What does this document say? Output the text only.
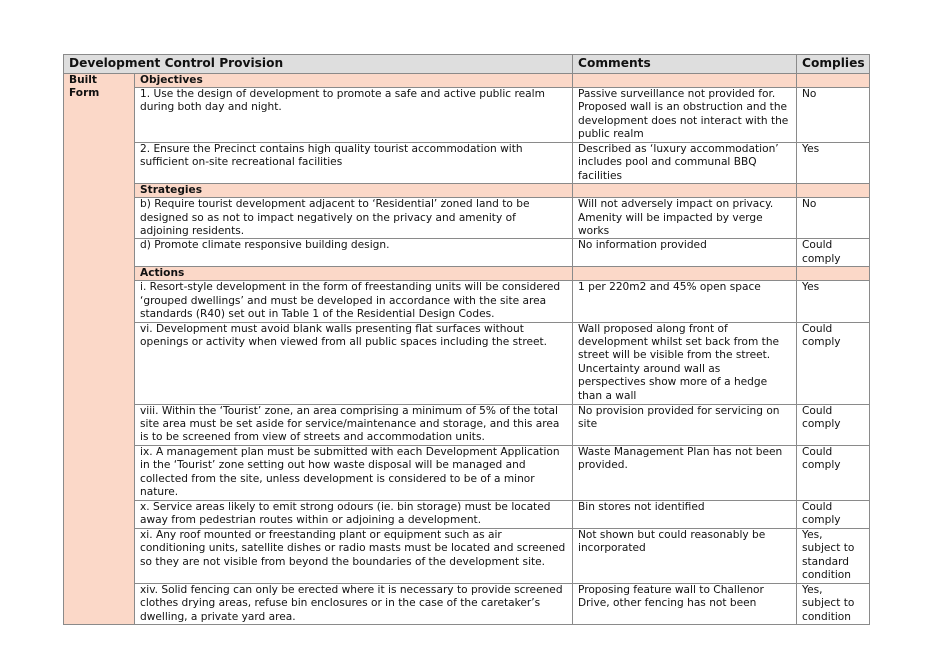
Development Control Provision		Comments	Complies
Built Form	Objectives		
	1. Use the design of development to promote a safe and active public realm during both day and night.	Passive surveillance not provided for. Proposed wall is an obstruction and the development does not interact with the public realm	No
	2. Ensure the Precinct contains high quality tourist accommodation with sufficient on-site recreational facilities	Described as ‘luxury accommodation’ includes pool and communal BBQ facilities	Yes
	Strategies		
	b) Require tourist development adjacent to ‘Residential’ zoned land to be designed so as not to impact negatively on the privacy and amenity of adjoining residents.	Will not adversely impact on privacy. Amenity will be impacted by verge works	No
	d) Promote climate responsive building design.	No information provided	Could comply
	Actions		
	i. Resort-style development in the form of freestanding units will be considered ‘grouped dwellings’ and must be developed in accordance with the site area standards (R40) set out in Table 1 of the Residential Design Codes.	1 per 220m2 and 45% open space	Yes
	vi. Development must avoid blank walls presenting flat surfaces without openings or activity when viewed from all public spaces including the street.	Wall proposed along front of development whilst set back from the street will be visible from the street. Uncertainty around wall as perspectives show more of a hedge than a wall	Could comply
	viii. Within the ‘Tourist’ zone, an area comprising a minimum of 5% of the total site area must be set aside for service/maintenance and storage, and this area is to be screened from view of streets and accommodation units.	No provision provided for servicing on site	Could comply
	ix. A management plan must be submitted with each Development Application in the ‘Tourist’ zone setting out how waste disposal will be managed and collected from the site, unless development is considered to be of a minor nature.	Waste Management Plan has not been provided.	Could comply
	x. Service areas likely to emit strong odours (ie. bin storage) must be located away from pedestrian routes within or adjoining a development.	Bin stores not identified	Could comply
	xi. Any roof mounted or freestanding plant or equipment such as air conditioning units, satellite dishes or radio masts must be located and screened so they are not visible from beyond the boundaries of the development site.	Not shown but could reasonably be incorporated	Yes, subject to standard condition
	xiv. Solid fencing can only be erected where it is necessary to provide screened clothes drying areas, refuse bin enclosures or in the case of the caretaker’s dwelling, a private yard area.	Proposing feature wall to Challenor Drive, other fencing has not been	Yes, subject to condition
